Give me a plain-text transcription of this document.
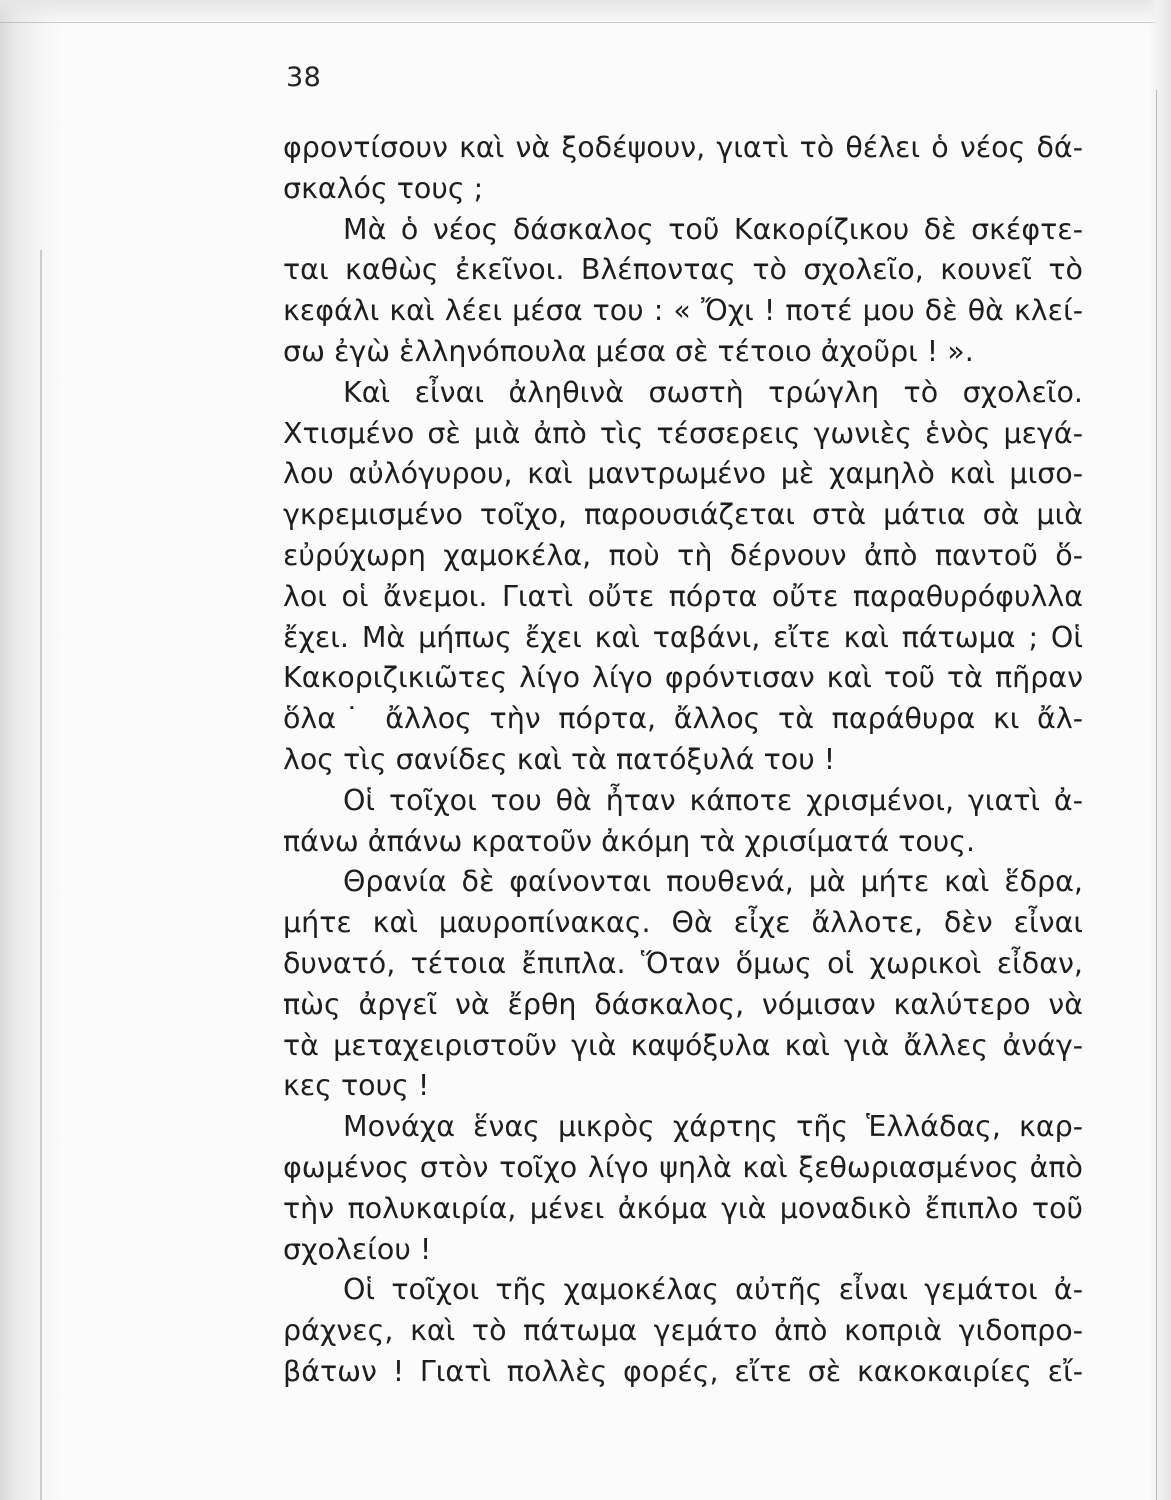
38
φροντίσουν καὶ νὰ ξοδέψουν, γιατὶ τὸ θέλει ὁ νέος δά-
σκαλός τους ;
Μὰ ὁ νέος δάσκαλος τοῦ Κακορίζικου δὲ σκέφτε-
ται καθὼς ἐκεῖνοι. Βλέποντας τὸ σχολεῖο, κουνεῖ τὸ
κεφάλι καὶ λέει μέσα του : « Ὄχι ! ποτέ μου δὲ θὰ κλεί-
σω ἐγὼ ἑλληνόπουλα μέσα σὲ τέτοιο ἀχοῦρι ! ».
Καὶ εἶναι ἀληθινὰ σωστὴ τρώγλη τὸ σχολεῖο.
Χτισμένο σὲ μιὰ ἀπὸ τὶς τέσσερεις γωνιὲς ἑνὸς μεγά-
λου αὐλόγυρου, καὶ μαντρωμένο μὲ χαμηλὸ καὶ μισο-
γκρεμισμένο τοῖχο, παρουσιάζεται στὰ μάτια σὰ μιὰ
εὐρύχωρη χαμοκέλα, ποὺ τὴ δέρνουν ἀπὸ παντοῦ ὅ-
λοι οἱ ἄνεμοι. Γιατὶ οὔτε πόρτα οὔτε παραθυρόφυλλα
ἔχει. Μὰ μήπως ἔχει καὶ ταβάνι, εἴτε καὶ πάτωμα ; Οἱ
Κακοριζικιῶτες λίγο λίγο φρόντισαν καὶ τοῦ τὰ πῆραν
ὅλα˙ ἄλλος τὴν πόρτα, ἄλλος τὰ παράθυρα κι ἄλ-
λος τὶς σανίδες καὶ τὰ πατόξυλά του !
Οἱ τοῖχοι του θὰ ἦταν κάποτε χρισμένοι, γιατὶ ἀ-
πάνω ἀπάνω κρατοῦν ἀκόμη τὰ χρισίματά τους.
Θρανία δὲ φαίνονται πουθενά, μὰ μήτε καὶ ἕδρα,
μήτε καὶ μαυροπίνακας. Θὰ εἶχε ἄλλοτε, δὲν εἶναι
δυνατό, τέτοια ἔπιπλα. Ὅταν ὅμως οἱ χωρικοὶ εἶδαν,
πὼς ἀργεῖ νὰ ἔρθη δάσκαλος, νόμισαν καλύτερο νὰ
τὰ μεταχειριστοῦν γιὰ καψόξυλα καὶ γιὰ ἄλλες ἀνάγ-
κες τους !
Μονάχα ἕνας μικρὸς χάρτης τῆς Ἑλλάδας, καρ-
φωμένος στὸν τοῖχο λίγο ψηλὰ καὶ ξεθωριασμένος ἀπὸ
τὴν πολυκαιρία, μένει ἀκόμα γιὰ μοναδικὸ ἔπιπλο τοῦ
σχολείου !
Οἱ τοῖχοι τῆς χαμοκέλας αὐτῆς εἶναι γεμάτοι ἀ-
ράχνες, καὶ τὸ πάτωμα γεμάτο ἀπὸ κοπριὰ γιδοπρο-
βάτων ! Γιατὶ πολλὲς φορές, εἴτε σὲ κακοκαιρίες εἴ-
